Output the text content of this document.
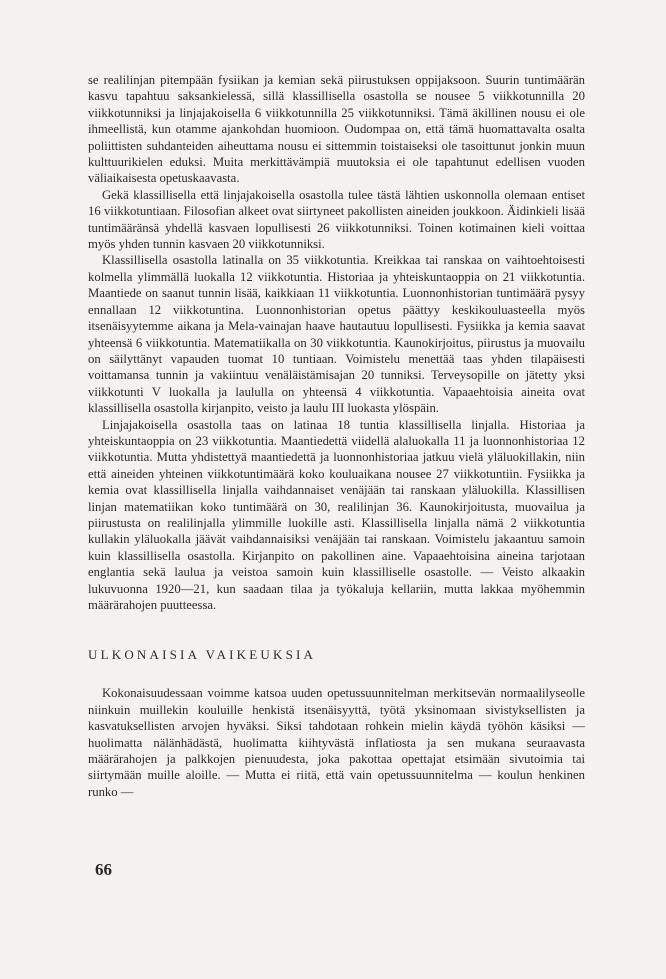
se realilinjan pitempään fysiikan ja kemian sekä piirustuksen oppijaksoon. Suurin tuntimäärän kasvu tapahtuu saksankielessä, sillä klassillisella osastolla se nousee 5 viikkotunnilla 20 viikkotunniksi ja linjajakoisella 6 viikkotunnilla 25 viikkotunniksi. Tämä äkillinen nousu ei ole ihmeellistä, kun otamme ajankohdan huomioon. Oudompaa on, että tämä huomattavalta osalta poliittisten suhdanteiden aiheuttama nousu ei sittemmin toistaiseksi ole tasoittunut jonkin muun kulttuurikielen eduksi. Muita merkittävämpiä muutoksia ei ole tapahtunut edellisen vuoden väliaikaisesta opetuskaavasta.

Gekä klassillisella että linjajakoisella osastolla tulee tästä lähtien uskonnolla olemaan entiset 16 viikkotuntiaan. Filosofian alkeet ovat siirtyneet pakollisten aineiden joukkoon. Äidinkieli lisää tuntimääränsä yhdellä kasvaen lopullisesti 26 viikkotunniksi. Toinen kotimainen kieli voittaa myös yhden tunnin kasvaen 20 viikkotunniksi.

Klassillisella osastolla latinalla on 35 viikkotuntia. Kreikkaa tai ranskaa on vaihtoehtoisesti kolmella ylimmällä luokalla 12 viikkotuntia. Historiaa ja yhteiskuntaoppia on 21 viikkotuntia. Maantiede on saanut tunnin lisää, kaikkiaan 11 viikkotuntia. Luonnonhistorian tuntimäärä pysyy ennallaan 12 viikkotuntina. Luonnonhistorian opetus päättyy keskikouluasteella myös itsenäisyytemme aikana ja Mela-vainajan haave hautautuu lopullisesti. Fysiikka ja kemia saavat yhteensä 6 viikkotuntia. Matematiikalla on 30 viikkotuntia. Kaunokirjoitus, piirustus ja muovailu on säilyttänyt vapauden tuomat 10 tuntiaan. Voimistelu menettää taas yhden tilapäisesti voittamansa tunnin ja vakiintuu venäläistämisajan 20 tunniksi. Terveysopille on jätetty yksi viikkotunti V luokalla ja laululla on yhteensä 4 viikkotuntia. Vapaaehtoisia aineita ovat klassillisella osastolla kirjanpito, veisto ja laulu III luokasta ylöspäin.

Linjajakoisella osastolla taas on latinaa 18 tuntia klassillisella linjalla. Historiaa ja yhteiskuntaoppia on 23 viikkotuntia. Maantiedettä viidellä alaluokalla 11 ja luonnonhistoriaa 12 viikkotuntia. Mutta yhdistettyä maantiedettä ja luonnonhistoriaa jatkuu vielä yläluokillakin, niin että aineiden yhteinen viikkotuntimäärä koko kouluaikana nousee 27 viikkotuntiin. Fysiikka ja kemia ovat klassillisella linjalla vaihdannaiset venäjään tai ranskaan yläluokilla. Klassillisen linjan matematiikan koko tuntimäärä on 30, realilinjan 36. Kaunokirjoitusta, muovailua ja piirustusta on realilinjalla ylimmille luokille asti. Klassillisella linjalla nämä 2 viikkotuntia kullakin yläluokalla jäävät vaihdannaisiksi venäjään tai ranskaan. Voimistelu jakaantuu samoin kuin klassillisella osastolla. Kirjanpito on pakollinen aine. Vapaaehtoisina aineina tarjotaan englantia sekä laulua ja veistoa samoin kuin klassilliselle osastolle. — Veisto alkaakin lukuvuonna 1920—21, kun saadaan tilaa ja työkaluja kellariin, mutta lakkaa myöhemmin määrärahojen puutteessa.

ULKONAISIA VAIKEUKSIA

Kokonaisuudessaan voimme katsoa uuden opetussuunnitelman merkitsevän normaalilyseolle niinkuin muillekin kouluille henkistä itsenäisyyttä, työtä yksinomaan sivistyksellisten ja kasvatuksellisten arvojen hyväksi. Siksi tahdotaan rohkein mielin käydä työhön käsiksi — huolimatta nälänhädästä, huolimatta kiihtyvästä inflatiosta ja sen mukana seuraavasta määrärahojen ja palkkojen pienuudesta, joka pakottaa opettajat etsimään sivutoimia tai siirtymään muille aloille. — Mutta ei riitä, että vain opetussuunnitelma — koulun henkinen runko —

66
